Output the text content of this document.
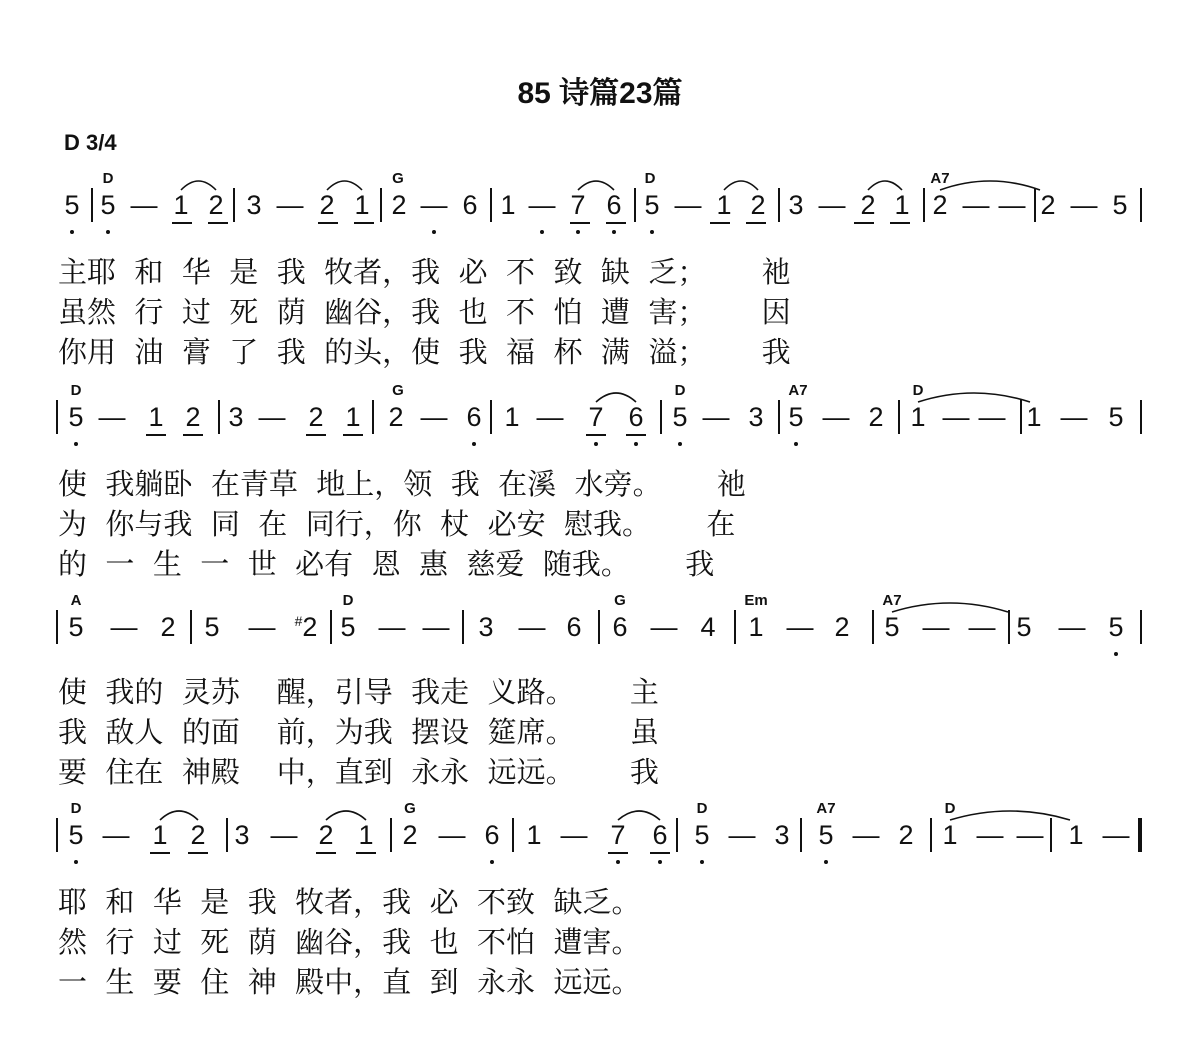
85 诗篇23篇
D 3/4
D	G	D	A7
5 5 — 1 2 3 — 2 1 2 — 6 1 — 7 6 5 — 1 2 3 — 2 1 2 — — 2 — 5
主耶  和  华  是  我  牧者，我  必  不  致  缺  乏；      祂
虽然  行  过  死  荫  幽谷，我  也  不  怕  遭  害；      因
你用  油  膏  了  我  的头，使  我  福  杯  满  溢；      我
D	G	D	A7	D
5 — 1 2 3 — 2 1 2 — 6 1 — 7 6 5 — 3 5 — 2 1 — — 1 — 5
使  我躺卧  在青草  地上，领  我  在溪  水旁。      祂
为  你与我  同  在  同行，你  杖  必安  慰我。      在
的  一  生  一  世  必有  恩  惠  慈爱  随我。      我
A	D	G	Em	A7
5 — 2 5 — #2 5 — — 3 — 6 6 — 4 1 — 2 5 — — 5 — 5
使  我的  灵苏    醒，引导  我走  义路。      主
我  敌人  的面    前，为我  摆设  筵席。      虽
要  住在  神殿    中，直到  永永  远远。      我
D	G	D	A7	D
5 — 1 2 3 — 2 1 2 — 6 1 — 7 6 5 — 3 5 — 2 1 — — 1 —
耶  和  华  是  我  牧者，我  必  不致  缺乏。
然  行  过  死  荫  幽谷，我  也  不怕  遭害。
一  生  要  住  神  殿中，直  到  永永  远远。
